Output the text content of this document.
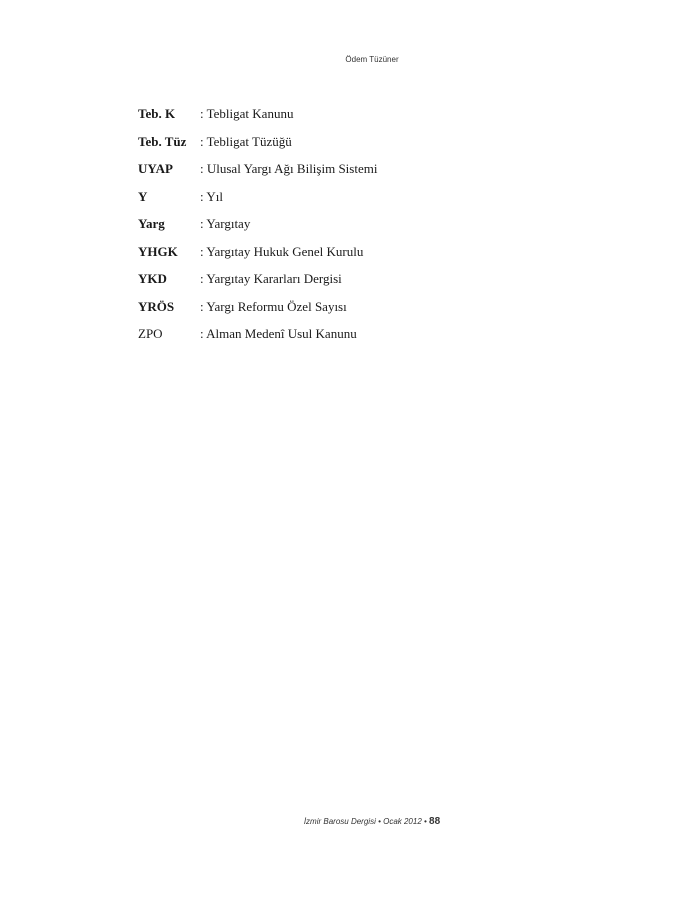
Ödem Tüzüner
Teb. K	: Tebligat Kanunu
Teb. Tüz	: Tebligat Tüzüğü
UYAP	: Ulusal Yargı Ağı Bilişim Sistemi
Y	: Yıl
Yarg	: Yargıtay
YHGK	: Yargıtay Hukuk Genel Kurulu
YKD	: Yargıtay Kararları Dergisi
YRÖS	: Yargı Reformu Özel Sayısı
ZPO	: Alman Medenî Usul Kanunu
İzmir Barosu Dergisi • Ocak 2012 • 88
